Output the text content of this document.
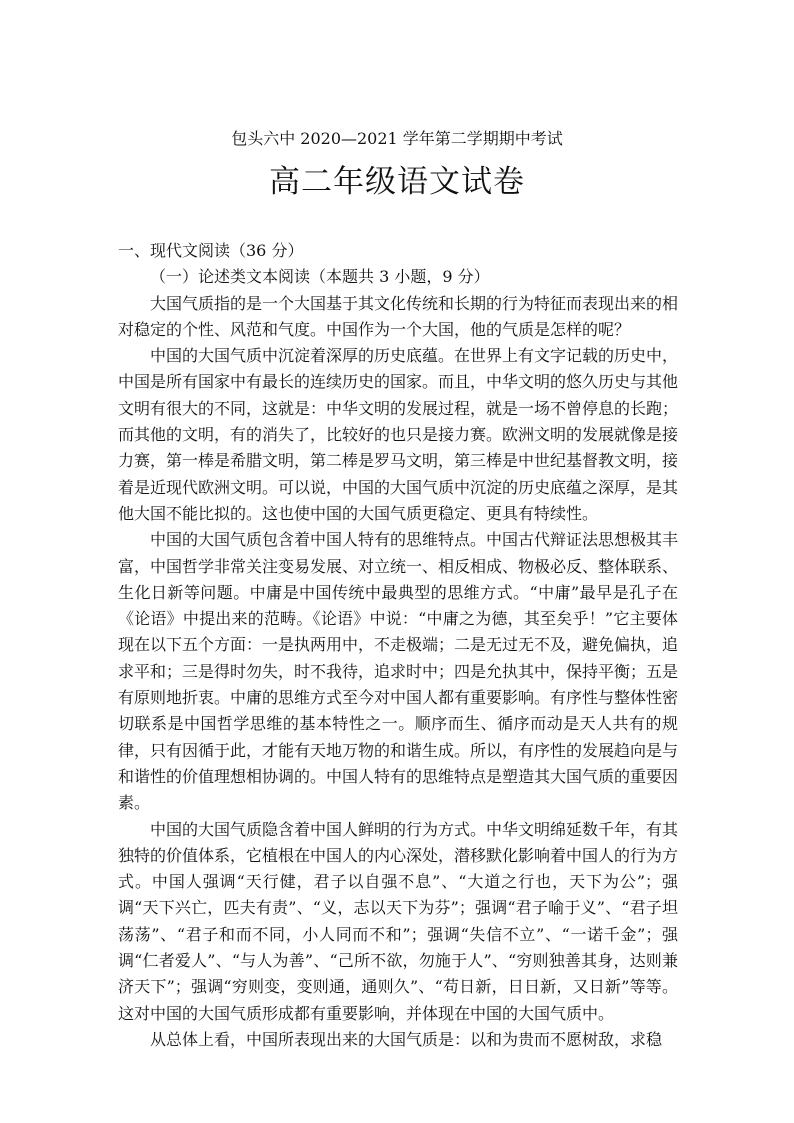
包头六中 2020—2021 学年第二学期期中考试
高二年级语文试卷

一、现代文阅读（36 分）

（一）论述类文本阅读（本题共 3 小题，9 分）

大国气质指的是一个大国基于其文化传统和长期的行为特征而表现出来的相对稳定的个性、风范和气度。中国作为一个大国，他的气质是怎样的呢？

中国的大国气质中沉淀着深厚的历史底蕴。在世界上有文字记载的历史中，中国是所有国家中有最长的连续历史的国家。而且，中华文明的悠久历史与其他文明有很大的不同，这就是：中华文明的发展过程，就是一场不曾停息的长跑；而其他的文明，有的消失了，比较好的也只是接力赛。欧洲文明的发展就像是接力赛，第一棒是希腊文明，第二棒是罗马文明，第三棒是中世纪基督教文明，接着是近现代欧洲文明。可以说，中国的大国气质中沉淀的历史底蕴之深厚，是其他大国不能比拟的。这也使中国的大国气质更稳定、更具有特续性。

中国的大国气质包含着中国人特有的思维特点。中国古代辩证法思想极其丰富，中国哲学非常关注变易发展、对立统一、相反相成、物极必反、整体联系、生化日新等问题。中庸是中国传统中最典型的思维方式。“中庸”最早是孔子在《论语》中提出来的范畴。《论语》中说：“中庸之为德，其至矣乎！”它主要体现在以下五个方面：一是执两用中，不走极端；二是无过无不及，避免偏执，追求平和；三是得时勿失，时不我待，追求时中；四是允执其中，保持平衡；五是有原则地折衷。中庸的思维方式至今对中国人都有重要影响。有序性与整体性密切联系是中国哲学思维的基本特性之一。顺序而生、循序而动是天人共有的规律，只有因循于此，才能有天地万物的和谐生成。所以，有序性的发展趋向是与和谐性的价值理想相协调的。中国人特有的思维特点是塑造其大国气质的重要因素。

中国的大国气质隐含着中国人鲜明的行为方式。中华文明绵延数千年，有其独特的价值体系，它植根在中国人的内心深处，潜移默化影响着中国人的行为方式。中国人强调“天行健，君子以自强不息”、“大道之行也，天下为公”；强调“天下兴亡，匹夫有责”、“义，志以天下为芬”；强调“君子喻于义”、“君子坦荡荡”、“君子和而不同，小人同而不和”；强调“失信不立”、“一诺千金”；强调“仁者爱人”、“与人为善”、“己所不欲，勿施于人”、“穷则独善其身，达则兼济天下”；强调“穷则变，变则通，通则久”、“苟日新，日日新，又日新”等等。这对中国的大国气质形成都有重要影响，并体现在中国的大国气质中。

从总体上看，中国所表现出来的大国气质是：以和为贵而不愿树敌，求稳
